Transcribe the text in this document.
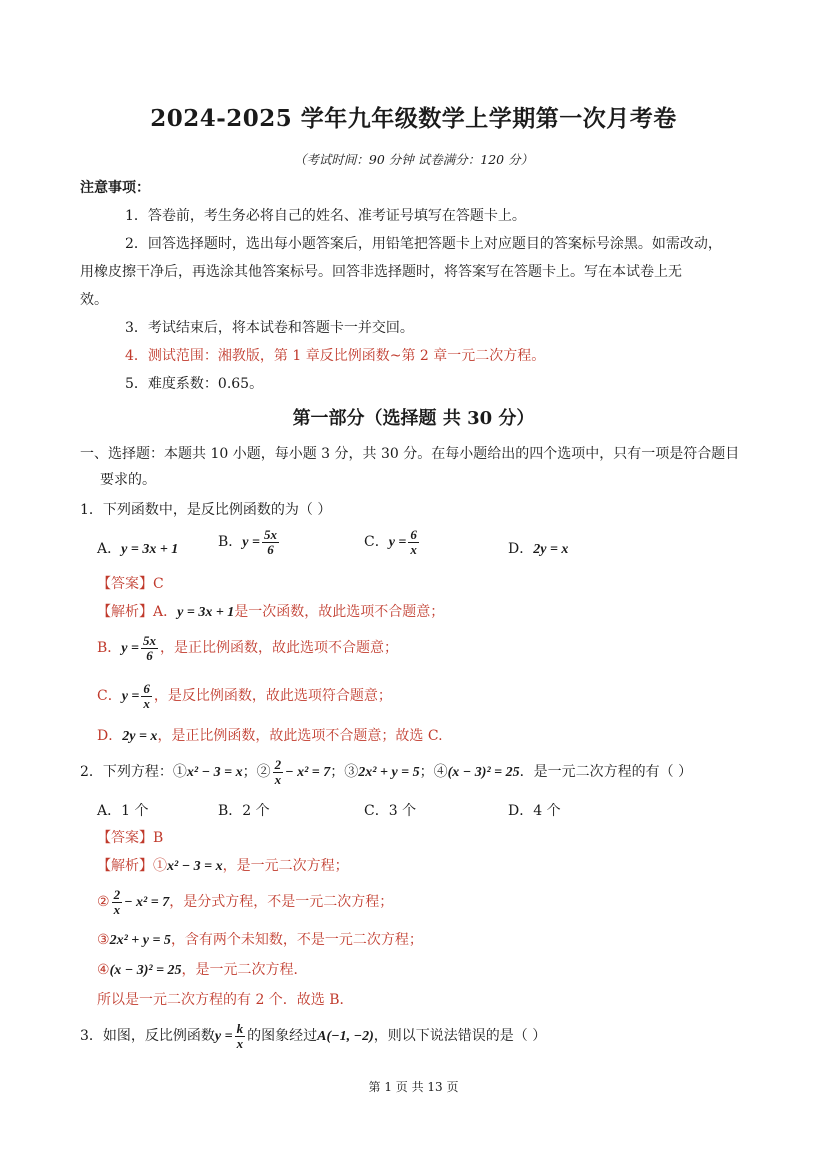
2024-2025 学年九年级数学上学期第一次月考卷
（考试时间：90 分钟 试卷满分：120 分）
注意事项：
1．答卷前，考生务必将自己的姓名、准考证号填写在答题卡上。
2．回答选择题时，选出每小题答案后，用铅笔把答题卡上对应题目的答案标号涂黑。如需改动，
用橡皮擦干净后，再选涂其他答案标号。回答非选择题时，将答案写在答题卡上。写在本试卷上无
效。
3．考试结束后，将本试卷和答题卡一并交回。
4．测试范围：湘教版，第 1 章反比例函数~第 2 章一元二次方程。
5．难度系数：0.65。
第一部分（选择题 共 30 分）
一、选择题：本题共 10 小题，每小题 3 分，共 30 分。在每小题给出的四个选项中，只有一项是符合题目
要求的。
1．下列函数中，是反比例函数的为（ ）
A．y = 3x + 1	B．$y = \frac{5x}{6}$	C．$y = \frac{6}{x}$	D．2y = x
【答案】C
【解析】A．y = 3x + 1是一次函数，故此选项不合题意；
B．$y = \frac{5x}{6}$ ，是正比例函数，故此选项不合题意；
C．$y = \frac{6}{x}$ ，是反比例函数，故此选项符合题意；
D．2y = x，是正比例函数，故此选项不合题意；故选 C.
2．下列方程：①x² − 3 = x；② $\frac{2}{x} - x^2 = 7$；③2x² + y = 5；④(x − 3)² = 25．是一元二次方程的有（ ）
A．1 个	B．2 个	C．3 个	D．4 个
【答案】B
【解析】①x² − 3 = x，是一元二次方程；
② $\frac{2}{x} - x^2 = 7$，是分式方程，不是一元二次方程；
③2x² + y = 5，含有两个未知数，不是一元二次方程；
④(x − 3)² = 25，是一元二次方程．
所以是一元二次方程的有 2 个．故选 B．
3．如图，反比例函数$y = \frac{k}{x}$ 的图象经过A(−1, −2)，则以下说法错误的是（ ）
第 1 页 共 13 页
